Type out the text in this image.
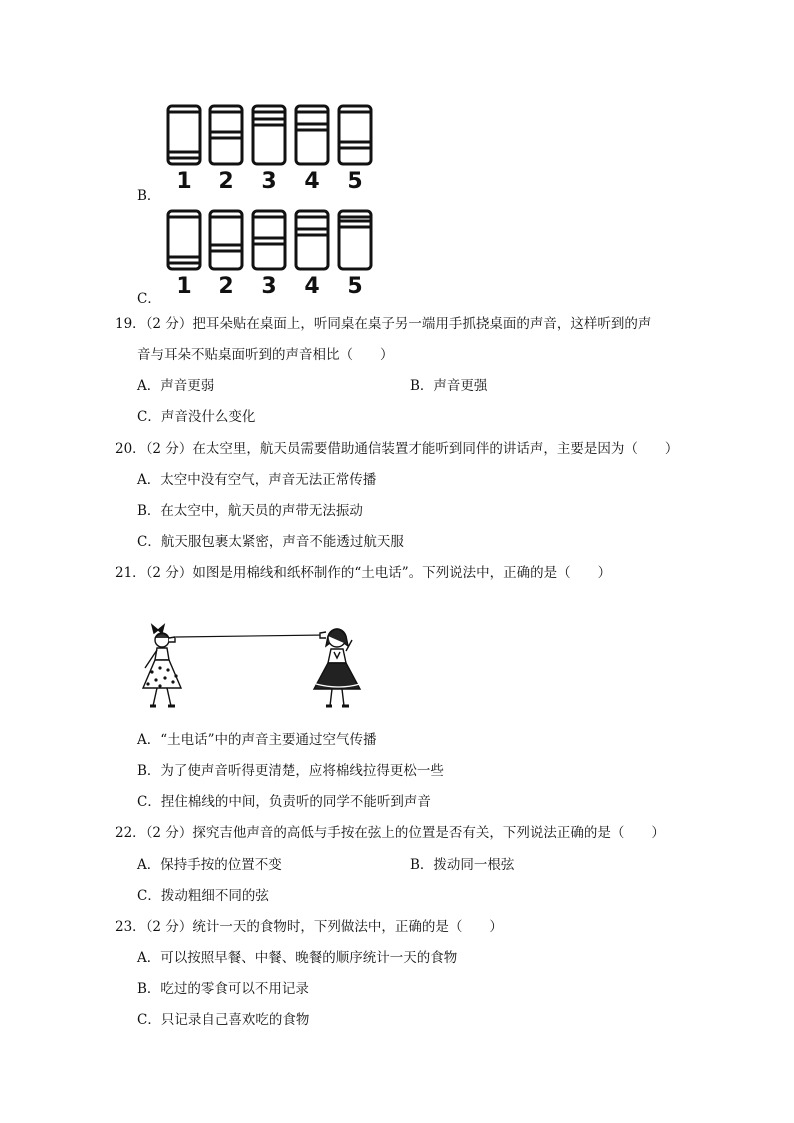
1 2 3 4 5
B．
1 2 3 4 5
C．
19．（2 分）把耳朵贴在桌面上，听同桌在桌子另一端用手抓挠桌面的声音，这样听到的声
音与耳朵不贴桌面听到的声音相比（　　）
A．声音更弱	B．声音更强
C．声音没什么变化
20．（2 分）在太空里，航天员需要借助通信装置才能听到同伴的讲话声，主要是因为（　　）
A．太空中没有空气，声音无法正常传播
B．在太空中，航天员的声带无法振动
C．航天服包裹太紧密，声音不能透过航天服
21．（2 分）如图是用棉线和纸杯制作的“土电话”。下列说法中，正确的是（　　）
A．“土电话”中的声音主要通过空气传播
B．为了使声音听得更清楚，应将棉线拉得更松一些
C．捏住棉线的中间，负责听的同学不能听到声音
22．（2 分）探究吉他声音的高低与手按在弦上的位置是否有关，下列说法正确的是（　　）
A．保持手按的位置不变	B．拨动同一根弦
C．拨动粗细不同的弦
23．（2 分）统计一天的食物时，下列做法中，正确的是（　　）
A．可以按照早餐、中餐、晚餐的顺序统计一天的食物
B．吃过的零食可以不用记录
C．只记录自己喜欢吃的食物
